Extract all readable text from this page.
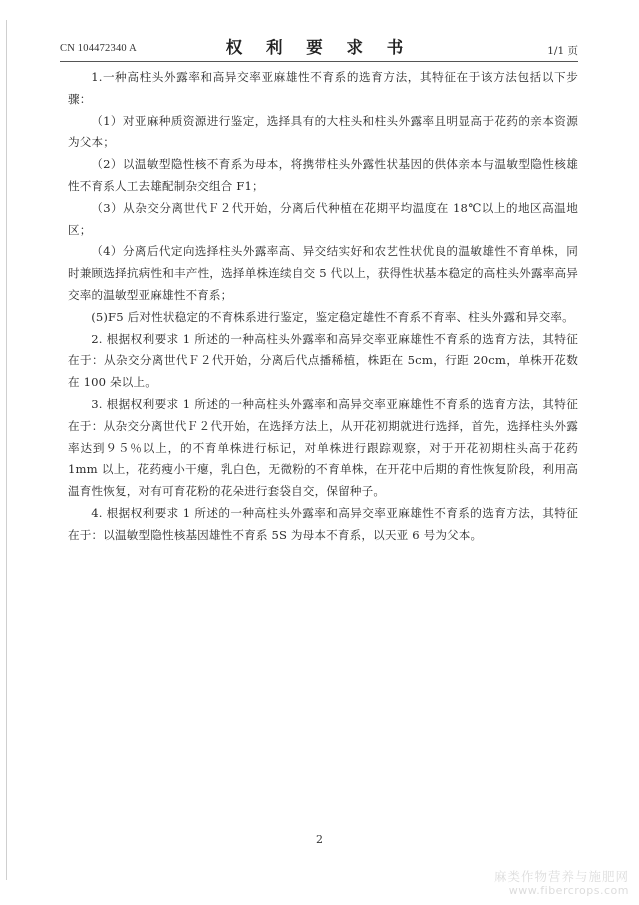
CN 104472340 A	权 利 要 求 书	1/1 页

1.一种高柱头外露率和高异交率亚麻雄性不育系的选育方法，其特征在于该方法包括以下步骤：

（1）对亚麻种质资源进行鉴定，选择具有的大柱头和柱头外露率且明显高于花药的亲本资源为父本；

（2）以温敏型隐性核不育系为母本，将携带柱头外露性状基因的供体亲本与温敏型隐性核雄性不育系人工去雄配制杂交组合 F1；

（3）从杂交分离世代Ｆ２代开始，分离后代种植在花期平均温度在 18℃以上的地区高温地区；

（4）分离后代定向选择柱头外露率高、异交结实好和农艺性状优良的温敏雄性不育单株，同时兼顾选择抗病性和丰产性，选择单株连续自交 5 代以上，获得性状基本稳定的高柱头外露率高异交率的温敏型亚麻雄性不育系；

(5)F5 后对性状稳定的不育株系进行鉴定，鉴定稳定雄性不育系不育率、柱头外露和异交率。

2. 根据权利要求 1 所述的一种高柱头外露率和高异交率亚麻雄性不育系的选育方法，其特征在于：从杂交分离世代Ｆ２代开始，分离后代点播稀植，株距在 5cm，行距 20cm，单株开花数在 100 朵以上。

3. 根据权利要求 1 所述的一种高柱头外露率和高异交率亚麻雄性不育系的选育方法，其特征在于：从杂交分离世代Ｆ２代开始，在选择方法上，从开花初期就进行选择，首先，选择柱头外露率达到９５％以上，的不育单株进行标记，对单株进行跟踪观察，对于开花初期柱头高于花药 1mm 以上，花药瘦小干瘪，乳白色，无微粉的不育单株，在开花中后期的育性恢复阶段，利用高温育性恢复，对有可育花粉的花朵进行套袋自交，保留种子。

4. 根据权利要求 1 所述的一种高柱头外露率和高异交率亚麻雄性不育系的选育方法，其特征在于：以温敏型隐性核基因雄性不育系 5S 为母本不育系，以天亚 6 号为父本。

2
麻类作物营养与施肥网
www.fibercrops.com
